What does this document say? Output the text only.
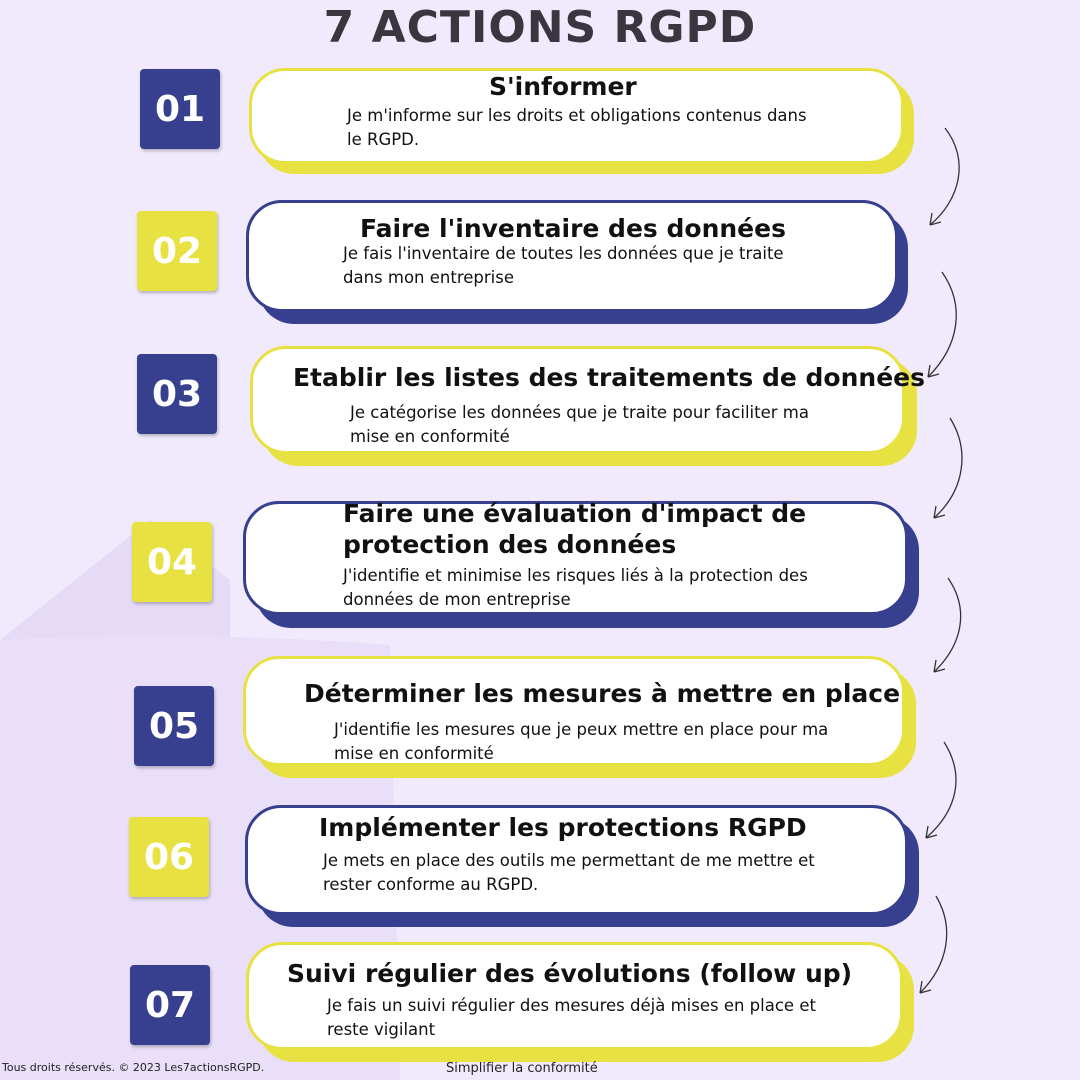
7 ACTIONS RGPD
01
S'informer
Je m'informe sur les droits et obligations contenus dans
le RGPD.
02
Faire l'inventaire des données
Je fais l'inventaire de toutes les données que je traite
dans mon entreprise
03	Etablir les listes des traitements de données
Je catégorise les données que je traite pour faciliter ma
mise en conformité
04
Faire une évaluation d'impact de
protection des données
J'identifie et minimise les risques liés à la protection des
données de mon entreprise
05
Déterminer les mesures à mettre en place
J'identifie les mesures que je peux mettre en place pour ma
mise en conformité
06
Implémenter les protections RGPD
Je mets en place des outils me permettant de me mettre et
rester conforme au RGPD.
07
Suivi régulier des évolutions (follow up)
Je fais un suivi régulier des mesures déjà mises en place et
reste vigilant
Tous droits réservés. © 2023 Les7actionsRGPD.	Simplifier la conformité
